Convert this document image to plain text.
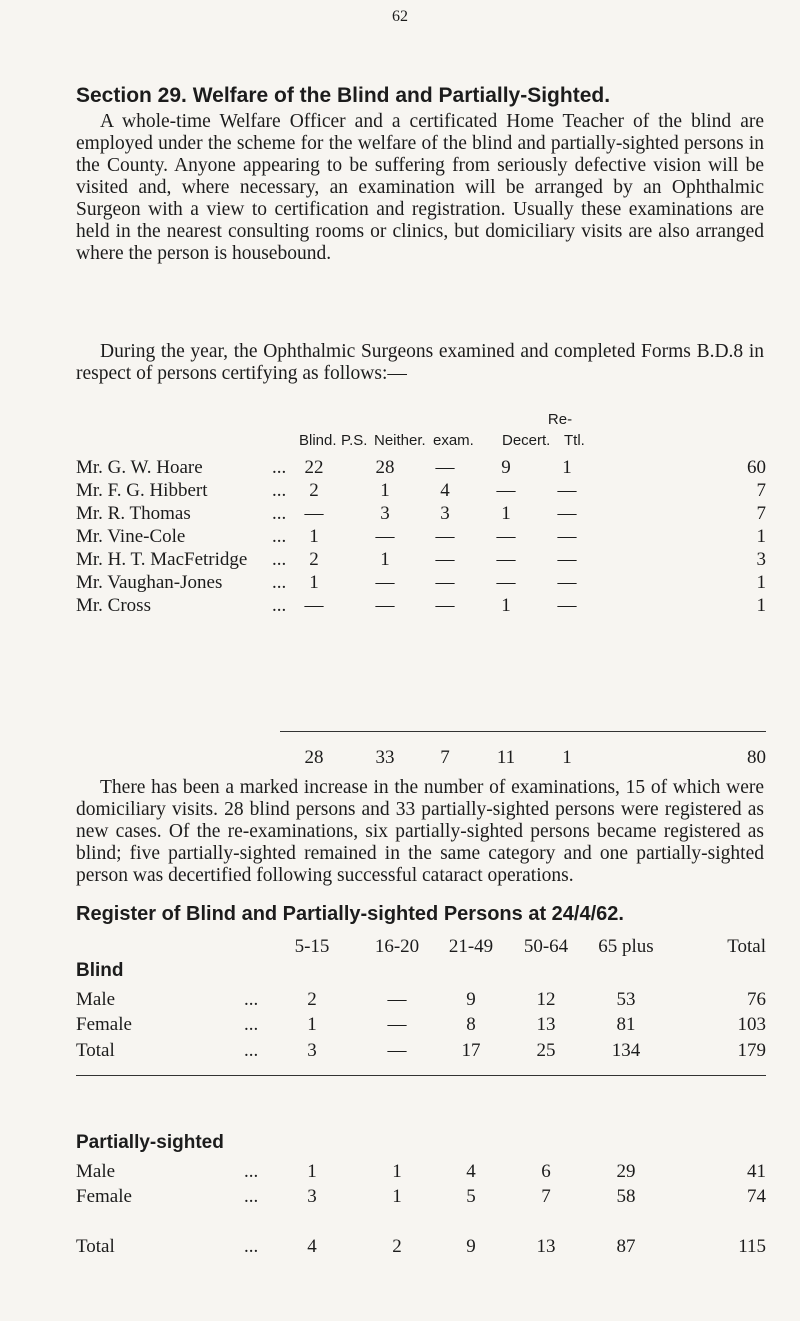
62
Section 29. Welfare of the Blind and Partially-Sighted.

A whole-time Welfare Officer and a certificated Home Teacher of the blind are employed under the scheme for the welfare of the blind and partially-sighted persons in the County. Anyone appearing to be suffering from seriously defective vision will be visited and, where necessary, an examination will be arranged by an Ophthalmic Surgeon with a view to certification and registration. Usually these examinations are held in the nearest consulting rooms or clinics, but domiciliary visits are also arranged where the person is housebound.

During the year, the Ophthalmic Surgeons examined and completed Forms B.D.8 in respect of persons certifying as follows:—

Re-
Blind. P.S. Neither. exam. Decert. Ttl.
Mr. G. W. Hoare	... 22	28	—	9	1	60
Mr. F. G. Hibbert	...	2	1	4	—	—	7
Mr. R. Thomas	... —	3	3	1	—	7
Mr. Vine-Cole	...	1	—	—	—	—	1
Mr. H. T. MacFetridge ...	2	1	—	—	—	3
Mr. Vaughan-Jones	...	1	—	—	—	—	1
Mr. Cross	... —	—	—	1	—	1
28	33	7	11	1	80

There has been a marked increase in the number of examinations, 15 of which were domiciliary visits. 28 blind persons and 33 partially-sighted persons were registered as new cases. Of the re-examinations, six partially-sighted persons became registered as blind; five partially-sighted remained in the same category and one partially-sighted person was decertified following successful cataract operations.

Register of Blind and Partially-sighted Persons at 24/4/62.
5-15	16-20	21-49	50-64	65 plus	Total
Blind
Male	...	2	—	9	12	53	76
Female	...	1	—	8	13	81	103
Total	...	3	—	17	25	134	179
Partially-sighted
Male	...	1	1	4	6	29	41
Female	...	3	1	5	7	58	74
Total	...	4	2	9	13	87	115
